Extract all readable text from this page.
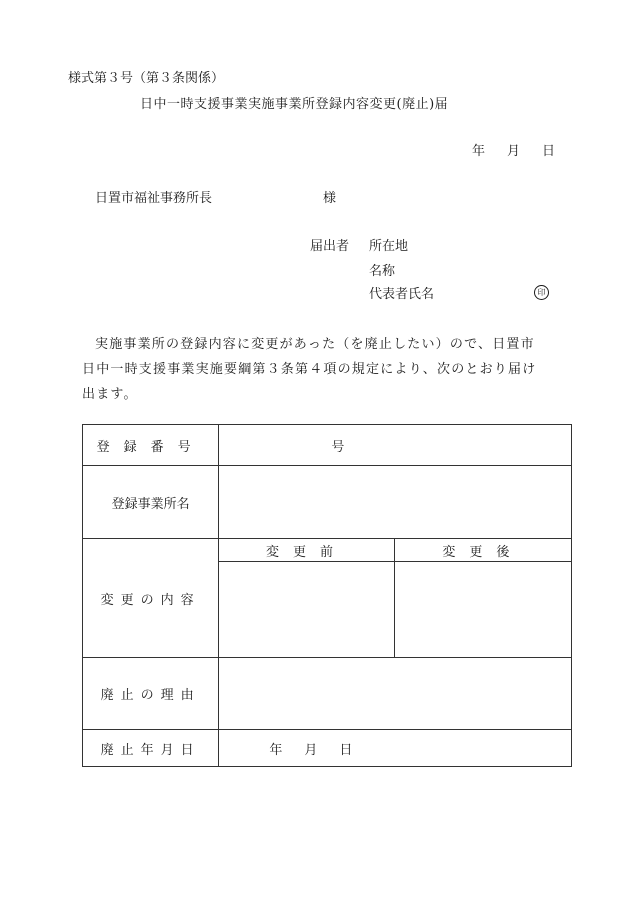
様式第３号（第３条関係）
日中一時支援事業実施事業所登録内容変更(廃止)届
年 月 日
日置市福祉事務所長	様
届出者 所在地
名称
代表者氏名	印

実施事業所の登録内容に変更があった（を廃止したい）ので、日置市

日中一時支援事業実施要綱第３条第４項の規定により、次のとおり届け

出ます。

登録番号	号	
登録事業所名		
変更の内容	変更前	変更後

廃止の理由		
廃止年月日	年 月 日	
